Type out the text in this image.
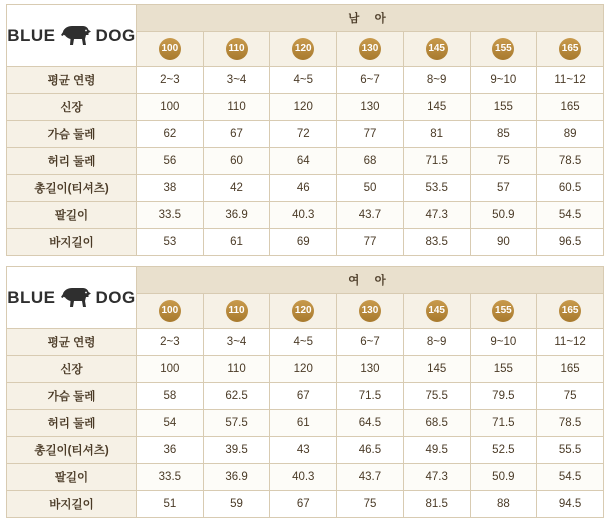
BLUE DOG	남 아						
	100	110	120	130	145	155	165
평균 연령	2~3	3~4	4~5	6~7	8~9	9~10	11~12
신장	100	110	120	130	145	155	165
가슴 둘레	62	67	72	77	81	85	89
허리 둘레	56	60	64	68	71.5	75	78.5
총길이(티셔츠)	38	42	46	50	53.5	57	60.5
팔길이	33.5	36.9	40.3	43.7	47.3	50.9	54.5
바지길이	53	61	69	77	83.5	90	96.5
BLUE DOG	여 아						
	100	110	120	130	145	155	165
평균 연령	2~3	3~4	4~5	6~7	8~9	9~10	11~12
신장	100	110	120	130	145	155	165
가슴 둘레	58	62.5	67	71.5	75.5	79.5	75
허리 둘레	54	57.5	61	64.5	68.5	71.5	78.5
총길이(티셔츠)	36	39.5	43	46.5	49.5	52.5	55.5
팔길이	33.5	36.9	40.3	43.7	47.3	50.9	54.5
바지길이	51	59	67	75	81.5	88	94.5
